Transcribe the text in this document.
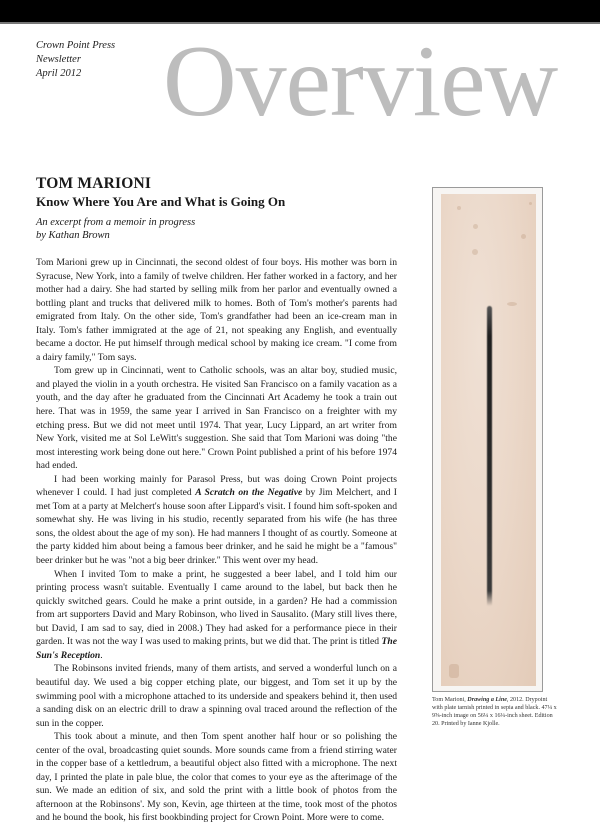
Crown Point Press
Newsletter
April 2012 Overview
TOM MARIONI
Know Where You Are and What is Going On
An excerpt from a memoir in progress
by Kathan Brown

Tom Marioni grew up in Cincinnati, the second oldest of four boys. His mother was born in Syracuse, New York, into a family of twelve children. Her father worked in a factory, and her mother had a dairy. She had started by selling milk from her parlor and eventually owned a bottling plant and trucks that delivered milk to homes. Both of Tom's mother's parents had emigrated from Italy. On the other side, Tom's grandfather had been an ice-cream man in Italy. Tom's father immigrated at the age of 21, not speaking any English, and eventually became a doctor. He put himself through medical school by making ice cream. "I come from a dairy family," Tom says.

Tom grew up in Cincinnati, went to Catholic schools, was an altar boy, studied music, and played the violin in a youth orchestra. He visited San Francisco on a family vacation as a youth, and the day after he graduated from the Cincinnati Art Academy he took a train out here. That was in 1959, the same year I arrived in San Francisco on a freighter with my etching press. But we did not meet until 1974. That year, Lucy Lippard, an art writer from New York, visited me at Sol LeWitt's suggestion. She said that Tom Marioni was doing "the most interesting work being done out here." Crown Point published a print of his before 1974 had ended.

I had been working mainly for Parasol Press, but was doing Crown Point projects whenever I could. I had just completed A Scratch on the Negative by Jim Melchert, and I met Tom at a party at Melchert's house soon after Lippard's visit. I found him soft-spoken and somewhat shy. He was living in his studio, recently separated from his wife (he has three sons, the oldest about the age of my son). He had manners I thought of as courtly. Someone at the party kidded him about being a famous beer drinker, and he said he might be a "famous" beer drinker but he was "not a big beer drinker." This went over my head.

When I invited Tom to make a print, he suggested a beer label, and I told him our printing process wasn't suitable. Eventually I came around to the label, but back then he quickly switched gears. Could he make a print outside, in a garden? He had a commission from art supporters David and Mary Robinson, who lived in Sausalito. (Mary still lives there, but David, I am sad to say, died in 2008.) They had asked for a performance piece in their garden. It was not the way I was used to making prints, but we did that. The print is titled The Sun's Reception.

The Robinsons invited friends, many of them artists, and served a wonderful lunch on a beautiful day. We used a big copper etching plate, our biggest, and Tom set it up by the swimming pool with a microphone attached to its underside and speakers behind it, then used a sanding disk on an electric drill to draw a spinning oval traced around the reflection of the sun in the copper.

This took about a minute, and then Tom spent another half hour or so polishing the center of the oval, broadcasting quiet sounds. More sounds came from a friend stirring water in the copper base of a kettledrum, a beautiful object also fitted with a microphone. The next day, I printed the plate in pale blue, the color that comes to your eye as the afterimage of the sun. We made an edition of six, and sold the print with a little book of photos from the afternoon at the Robinsons'. My son, Kevin, age thirteen at the time, took most of the photos and he bound the book, his first bookbinding project for Crown Point. More were to come.

Tom Marioni, Drawing a Line, 2012. Drypoint with plate tarnish printed in sepia and black. 47¼ x 9⅝-inch image on 56¼ x 16¼-inch sheet. Edition 20. Printed by Ianne Kjolle.
